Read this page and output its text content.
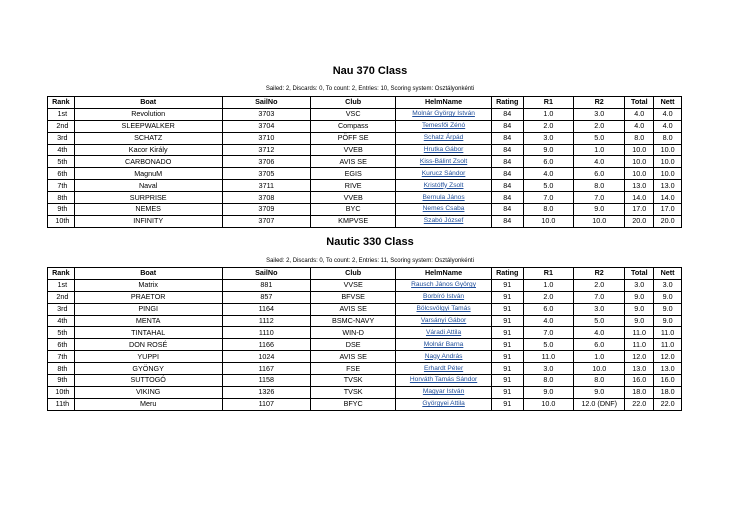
Nau 370 Class
Sailed: 2, Discards: 0, To count: 2, Entries: 10, Scoring system: Osztályonkénti
Rank	Boat	SailNo	Club	HelmName	Rating	R1	R2	Total	Nett
1st	Revolution	3703	VSC	Molnár György István	84	1.0	3.0	4.0	4.0
2nd	SLEEPWALKER	3704	Compass	Temesfői Zénó	84	2.0	2.0	4.0	4.0
3rd	SCHATZ	3710	PÖFF SE	Schatz Árpád	84	3.0	5.0	8.0	8.0
4th	Kacor Király	3712	VVEB	Hrutka Gábor	84	9.0	1.0	10.0	10.0
5th	CARBONADO	3706	AVIS SE	Kiss-Bálint Zsolt	84	6.0	4.0	10.0	10.0
6th	MagnuM	3705	EGIS	Kurucz Sándor	84	4.0	6.0	10.0	10.0
7th	Naval	3711	RIVE	Kristóffy Zsolt	84	5.0	8.0	13.0	13.0
8th	SURPRISE	3708	VVEB	Bernula János	84	7.0	7.0	14.0	14.0
9th	NEMES	3709	BYC	Nemes Csaba	84	8.0	9.0	17.0	17.0
10th	INFINITY	3707	KMPVSE	Szabó József	84	10.0	10.0	20.0	20.0
Nautic 330 Class
Sailed: 2, Discards: 0, To count: 2, Entries: 11, Scoring system: Osztályonkénti
Rank	Boat	SailNo	Club	HelmName	Rating	R1	R2	Total	Nett
1st	Matrix	881	VVSE	Rausch János György	91	1.0	2.0	3.0	3.0
2nd	PRAETOR	857	BFVSE	Borbíró István	91	2.0	7.0	9.0	9.0
3rd	PINGI	1164	AVIS SE	Bölcsvölgyi Tamás	91	6.0	3.0	9.0	9.0
4th	MENTA	1112	BSMC-NAVY	Varsányi Gábor	91	4.0	5.0	9.0	9.0
5th	TINTAHAL	1110	WIN-D	Váradi Attila	91	7.0	4.0	11.0	11.0
6th	DON ROSÉ	1166	DSE	Molnár Barna	91	5.0	6.0	11.0	11.0
7th	YUPPI	1024	AVIS SE	Nagy András	91	11.0	1.0	12.0	12.0
8th	GYÖNGY	1167	FSE	Erhardt Péter	91	3.0	10.0	13.0	13.0
9th	SUTTOGÓ	1158	TVSK	Horváth Tamás Sándor	91	8.0	8.0	16.0	16.0
10th	VIKING	1326	TVSK	Magyar István	91	9.0	9.0	18.0	18.0
11th	Meru	1107	BFYC	Györgyei Attila	91	10.0	12.0 (DNF)	22.0	22.0
